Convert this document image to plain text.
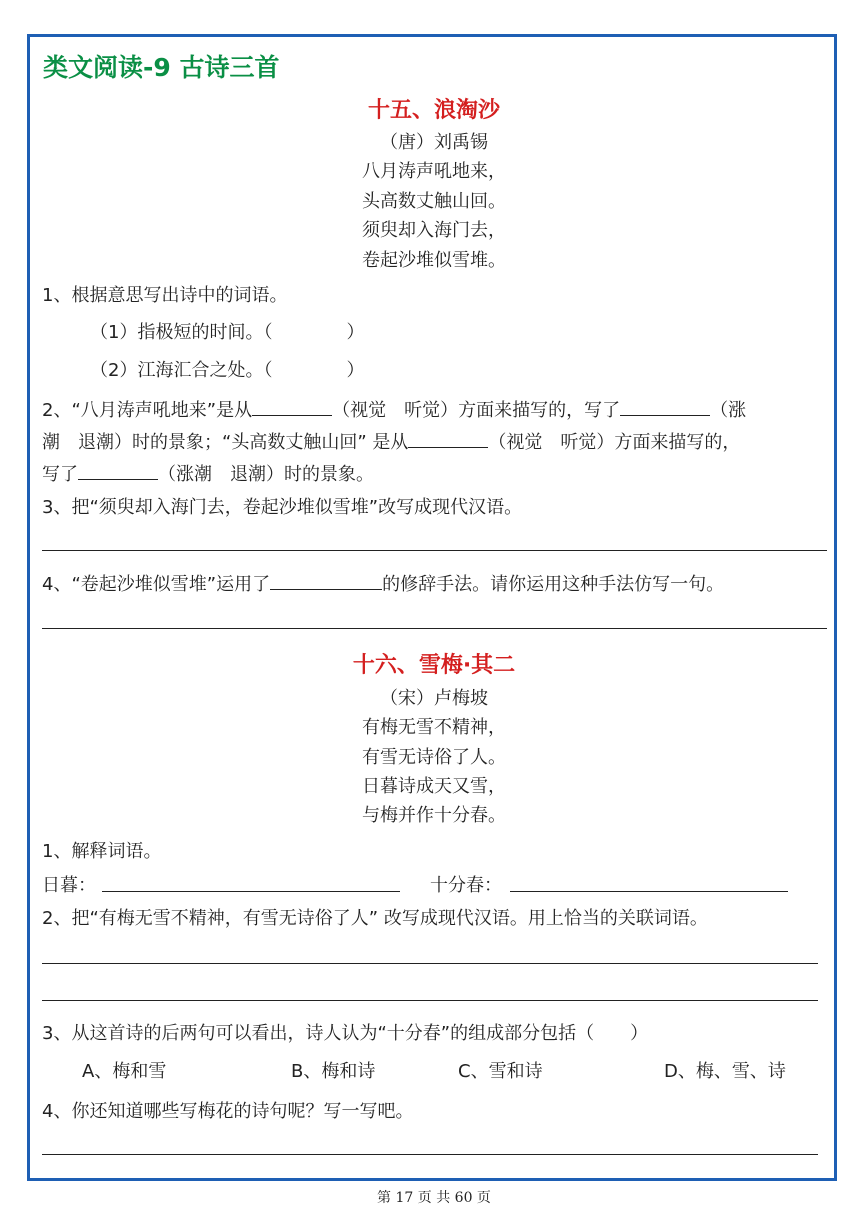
类文阅读-9 古诗三首
十五、浪淘沙
（唐）刘禹锡
八月涛声吼地来，
头高数丈触山回。
须臾却入海门去，
卷起沙堆似雪堆。
1、根据意思写出诗中的词语。
（1）指极短的时间。（	）
（2）江海汇合之处。（	）
2、“八月涛声吼地来”是从	（视觉　听觉）方面来描写的，写了	（涨
潮　退潮）时的景象；“头高数丈触山回” 是从	（视觉　听觉）方面来描写的，
写了	（涨潮　退潮）时的景象。
3、把“须臾却入海门去，卷起沙堆似雪堆”改写成现代汉语。
4、“卷起沙堆似雪堆”运用了	的修辞手法。请你运用这种手法仿写一句。
十六、雪梅·其二
（宋）卢梅坡
有梅无雪不精神，
有雪无诗俗了人。
日暮诗成天又雪，
与梅并作十分春。
1、解释词语。
日暮：	十分春：
2、把“有梅无雪不精神，有雪无诗俗了人” 改写成现代汉语。用上恰当的关联词语。
3、从这首诗的后两句可以看出，诗人认为“十分春”的组成部分包括（　　）
A、梅和雪	B、梅和诗	C、雪和诗	D、梅、雪、诗
4、你还知道哪些写梅花的诗句呢？写一写吧。
第 17 页 共 60 页
